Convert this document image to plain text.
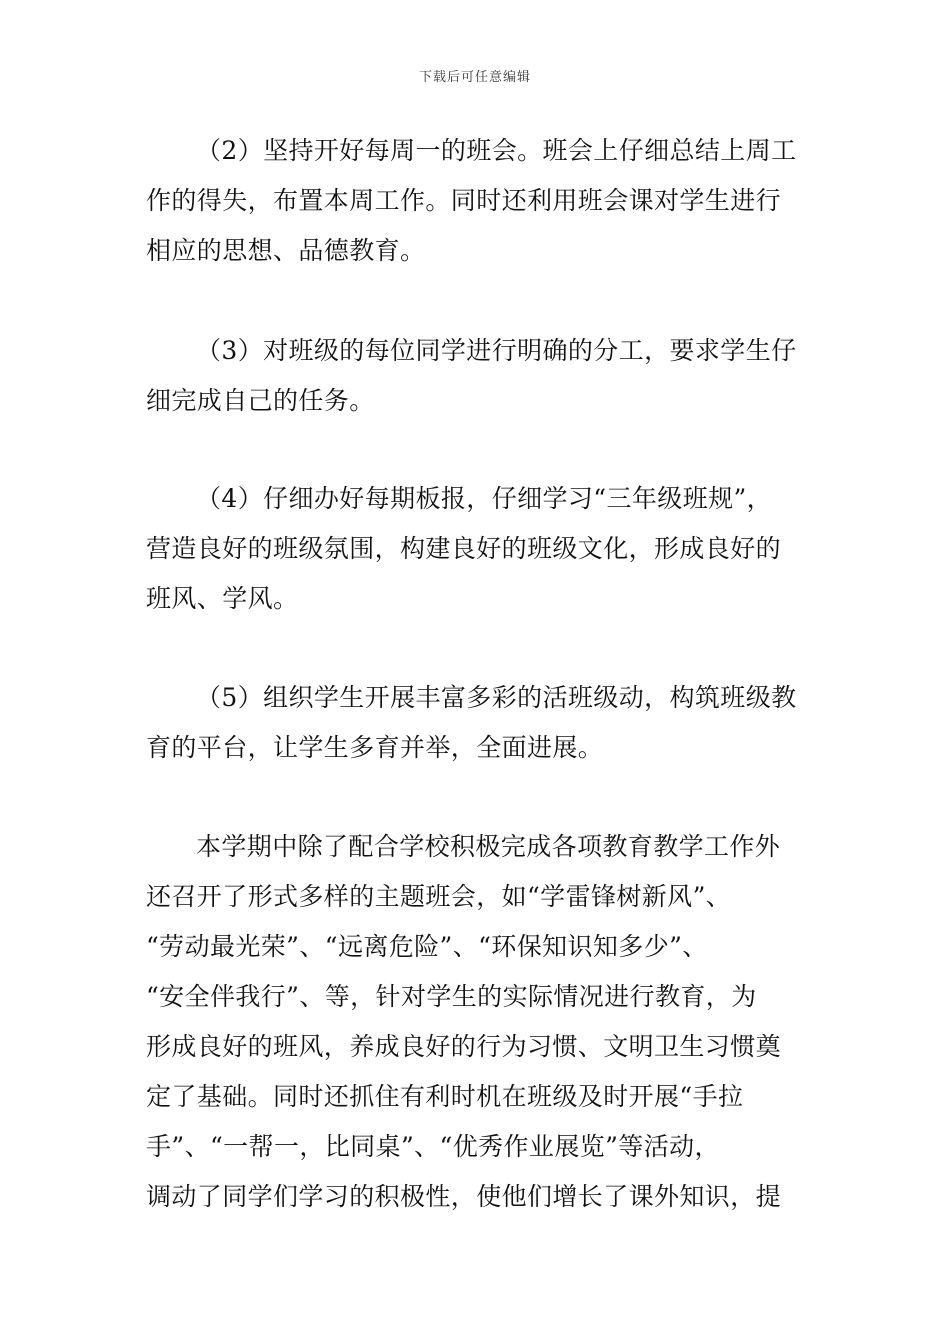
下载后可任意编辑
（2）坚持开好每周一的班会。班会上仔细总结上周工
作的得失，布置本周工作。同时还利用班会课对学生进行
相应的思想、品德教育。
（3）对班级的每位同学进行明确的分工，要求学生仔
细完成自己的任务。
（4）仔细办好每期板报，仔细学习“三年级班规”，
营造良好的班级氛围，构建良好的班级文化，形成良好的
班风、学风。
（5）组织学生开展丰富多彩的活班级动，构筑班级教
育的平台，让学生多育并举，全面进展。
本学期中除了配合学校积极完成各项教育教学工作外
还召开了形式多样的主题班会，如“学雷锋树新风”、
“劳动最光荣”、“远离危险”、“环保知识知多少”、
“安全伴我行”、等，针对学生的实际情况进行教育，为
形成良好的班风，养成良好的行为习惯、文明卫生习惯奠
定了基础。同时还抓住有利时机在班级及时开展“手拉
手”、“一帮一，比同桌”、“优秀作业展览”等活动，
调动了同学们学习的积极性，使他们增长了课外知识，提
